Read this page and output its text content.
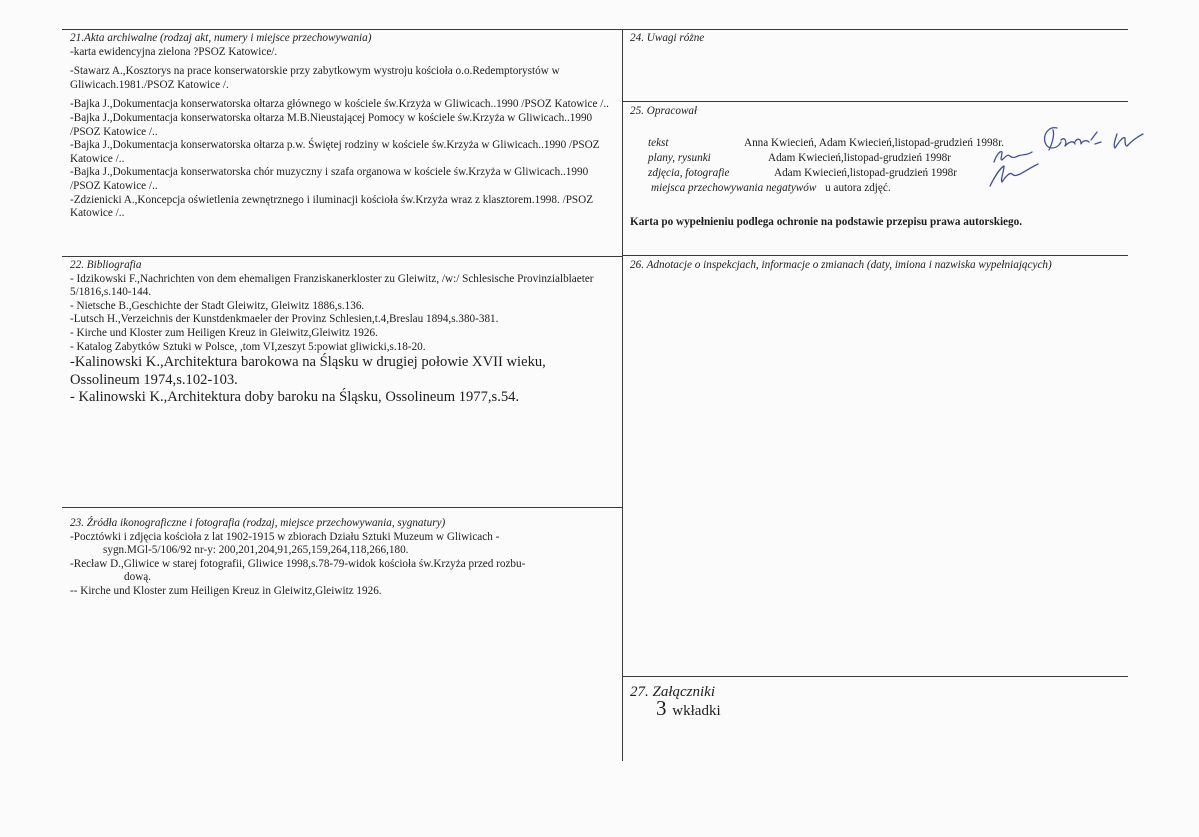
21.Akta archiwalne (rodzaj akt, numery i miejsce przechowywania)

-karta ewidencyjna zielona ?PSOZ Katowice/.

-Stawarz A.,Kosztorys na prace konserwatorskie przy zabytkowym wystroju kościoła o.o.Redemptorystów w Gliwicach.1981./PSOZ Katowice /.

-Bajka J.,Dokumentacja konserwatorska ołtarza głównego w kościele św.Krzyża w Gliwicach..1990 /PSOZ Katowice /..

-Bajka J.,Dokumentacja konserwatorska ołtarza M.B.Nieustającej Pomocy w kościele św.Krzyża w Gliwicach..1990 /PSOZ Katowice /..

-Bajka J.,Dokumentacja konserwatorska ołtarza p.w. Świętej rodziny w kościele św.Krzyża w Gliwicach..1990 /PSOZ Katowice /..

-Bajka J.,Dokumentacja konserwatorska chór muzyczny i szafa organowa w kościele św.Krzyża w Gliwicach..1990 /PSOZ Katowice /..

-Zdzienicki A.,Koncepcja oświetlenia zewnętrznego i iluminacji kościoła św.Krzyża wraz z klasztorem.1998. /PSOZ Katowice /..

22. Bibliografia

- Idzikowski F.,Nachrichten von dem ehemaligen Franziskanerkloster zu Gleiwitz, /w:/ Schlesische Provinzialblaeter 5/1816,s.140-144.

- Nietsche B.,Geschichte der Stadt Gleiwitz, Gleiwitz 1886,s.136.

-Lutsch H.,Verzeichnis der Kunstdenkmaeler der Provinz Schlesien,t.4,Breslau 1894,s.380-381.

- Kirche und Kloster zum Heiligen Kreuz in Gleiwitz,Gleiwitz 1926.

- Katalog Zabytków Sztuki w Polsce, ,tom VI,zeszyt 5:powiat gliwicki,s.18-20.

-Kalinowski K.,Architektura barokowa na Śląsku w drugiej połowie XVII wieku, Ossolineum 1974,s.102-103.

- Kalinowski K.,Architektura doby baroku na Śląsku, Ossolineum 1977,s.54.

23. Źródła ikonograficzne i fotografia (rodzaj, miejsce przechowywania, sygnatury)

-Pocztówki i zdjęcia kościoła z lat 1902-1915 w zbiorach Działu Sztuki Muzeum w Gliwicach -

sygn.MGl-5/106/92 nr-y: 200,201,204,91,265,159,264,118,266,180.

-Recław D.,Gliwice w starej fotografii, Gliwice 1998,s.78-79-widok kościoła św.Krzyża przed rozbu-

dową.

-- Kirche und Kloster zum Heiligen Kreuz in Gleiwitz,Gleiwitz 1926.

24. Uwagi różne

25. Opracował

tekst	Anna Kwiecień, Adam Kwiecień,listopad-grudzień 1998r.
plany, rysunki	Adam Kwiecień,listopad-grudzień 1998r
zdjęcia, fotografie	Adam Kwiecień,listopad-grudzień 1998r
miejsca przechowywania negatywów u autora zdjęć.
Karta po wypełnieniu podlega ochronie na podstawie przepisu prawa autorskiego.

26. Adnotacje o inspekcjach, informacje o zmianach (daty, imiona i nazwiska wypełniających)

27. Załączniki

3 wkładki
